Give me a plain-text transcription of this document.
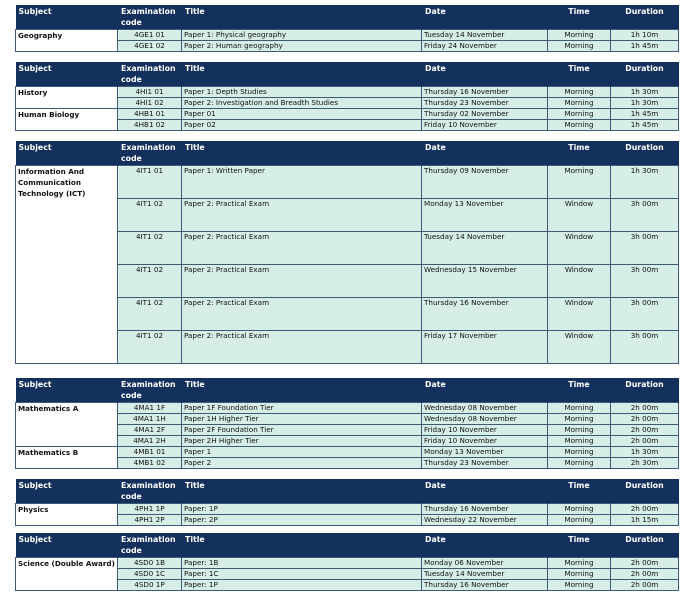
Subject	Examination code	Title	Date	Time	Duration
Geography	4GE1 01	Paper 1: Physical geography	Tuesday 14 November	Morning	1h 10m
	4GE1 02	Paper 2: Human geography	Friday 24 November	Morning	1h 45m
Subject	Examination code	Title	Date	Time	Duration
History	4HI1 01	Paper 1: Depth Studies	Thursday 16 November	Morning	1h 30m
	4HI1 02	Paper 2: Investigation and Breadth Studies	Thursday 23 November	Morning	1h 30m
Human Biology	4HB1 01	Paper 01	Thursday 02 November	Morning	1h 45m
	4HB1 02	Paper 02	Friday 10 November	Morning	1h 45m
Subject	Examination code	Title	Date	Time	Duration
Information And Communication Technology (ICT)	4IT1 01	Paper 1: Written Paper	Thursday 09 November	Morning	1h 30m
	4IT1 02	Paper 2: Practical Exam	Monday 13 November	Window	3h 00m
	4IT1 02	Paper 2: Practical Exam	Tuesday 14 November	Window	3h 00m
	4IT1 02	Paper 2: Practical Exam	Wednesday 15 November	Window	3h 00m
	4IT1 02	Paper 2: Practical Exam	Thursday 16 November	Window	3h 00m
	4IT1 02	Paper 2: Practical Exam	Friday 17 November	Window	3h 00m
Subject	Examination code	Title	Date	Time	Duration
Mathematics A	4MA1 1F	Paper 1F Foundation Tier	Wednesday 08 November	Morning	2h 00m
	4MA1 1H	Paper 1H Higher Tier	Wednesday 08 November	Morning	2h 00m
	4MA1 2F	Paper 2F Foundation Tier	Friday 10 November	Morning	2h 00m
	4MA1 2H	Paper 2H Higher Tier	Friday 10 November	Morning	2h 00m
Mathematics B	4MB1 01	Paper 1	Monday 13 November	Morning	1h 30m
	4MB1 02	Paper 2	Thursday 23 November	Morning	2h 30m
Subject	Examination code	Title	Date	Time	Duration
Physics	4PH1 1P	Paper: 1P	Thursday 16 November	Morning	2h 00m
	4PH1 2P	Paper: 2P	Wednesday 22 November	Morning	1h 15m
Subject	Examination code	Title	Date	Time	Duration
Science (Double Award)	4SD0 1B	Paper: 1B	Monday 06 November	Morning	2h 00m
	4SD0 1C	Paper: 1C	Tuesday 14 November	Morning	2h 00m
	4SD0 1P	Paper: 1P	Thursday 16 November	Morning	2h 00m
